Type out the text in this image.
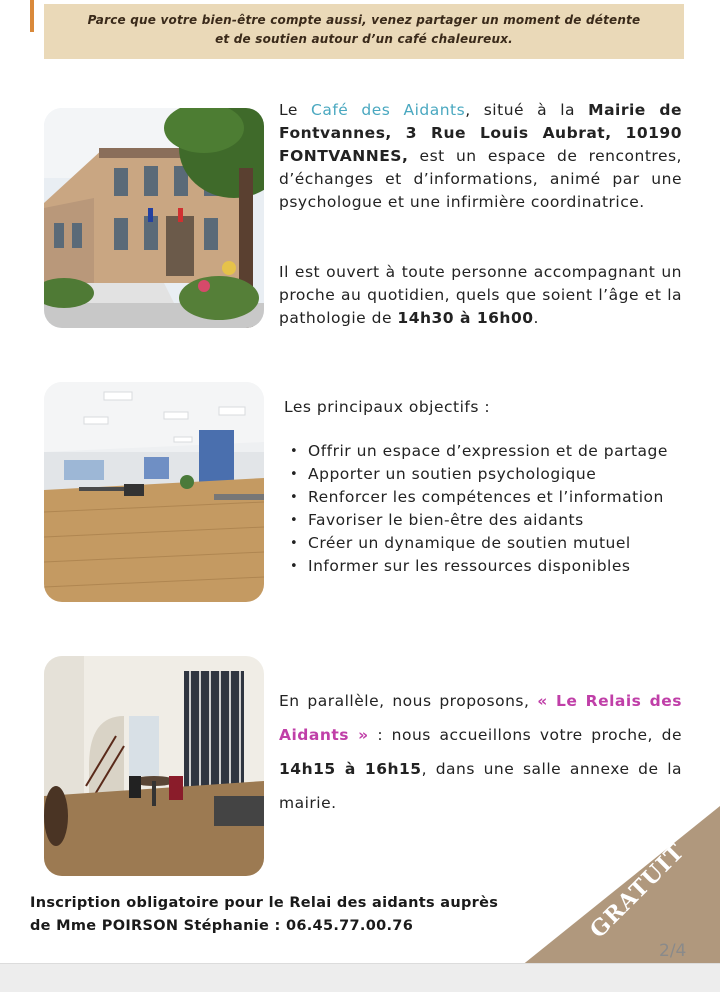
Parce que votre bien-être compte aussi, venez partager un moment de détente
et de soutien autour d’un café chaleureux.
Le Café des Aidants, situé à la Mairie de Fontvannes, 3 Rue Louis Aubrat, 10190 FONTVANNES, est un espace de rencontres, d’échanges et d’informations, animé par une psychologue et une infirmière coordinatrice.
Il est ouvert à toute personne accompagnant un proche au quotidien, quels que soient l’âge et la pathologie de 14h30 à 16h00.
Les principaux objectifs :
• Offrir un espace d’expression et de partage
• Apporter un soutien psychologique
• Renforcer les compétences et l’information
• Favoriser le bien-être des aidants
• Créer un dynamique de soutien mutuel
• Informer sur les ressources disponibles
En parallèle, nous proposons, « Le Relais des Aidants » : nous accueillons votre proche, de 14h15 à 16h15, dans une salle annexe de la mairie.
Inscription obligatoire pour le Relai des aidants auprès
de Mme POIRSON Stéphanie : 06.45.77.00.76	GRATUIT
2/4
